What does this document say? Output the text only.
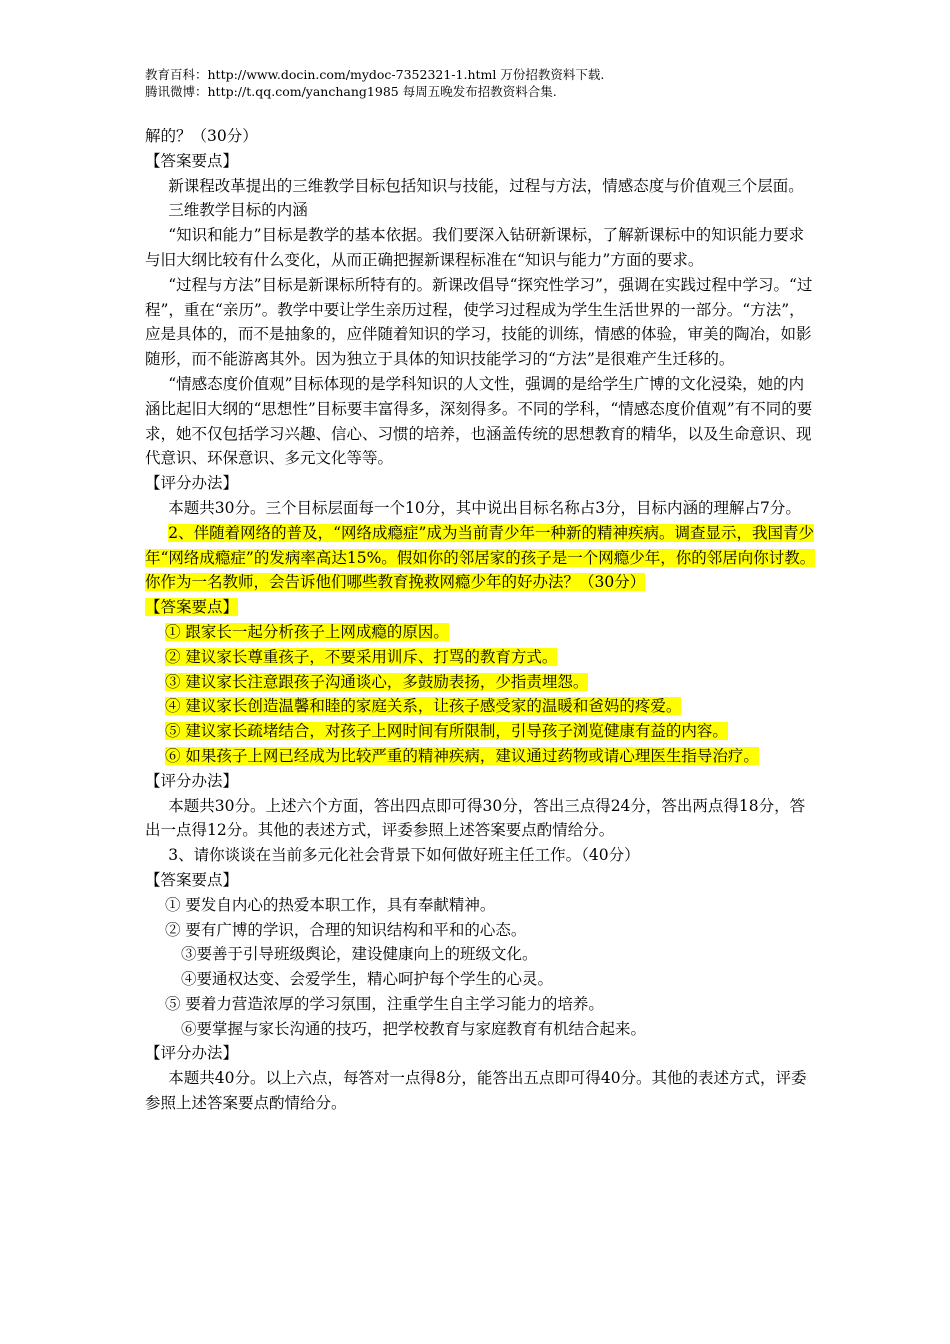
教育百科：http://www.docin.com/mydoc-7352321-1.html 万份招教资料下载.
腾讯微博：http://t.qq.com/yanchang1985 每周五晚发布招教资料合集.

解的？（30分）

【答案要点】

新课程改革提出的三维教学目标包括知识与技能，过程与方法，情感态度与价值观三个层面。

三维教学目标的内涵

“知识和能力”目标是教学的基本依据。我们要深入钻研新课标，了解新课标中的知识能力要求与旧大纲比较有什么变化，从而正确把握新课程标准在“知识与能力”方面的要求。

“过程与方法”目标是新课标所特有的。新课改倡导“探究性学习”，强调在实践过程中学习。“过程”，重在“亲历”。教学中要让学生亲历过程，使学习过程成为学生生活世界的一部分。“方法”，应是具体的，而不是抽象的，应伴随着知识的学习，技能的训练，情感的体验，审美的陶冶，如影随形，而不能游离其外。因为独立于具体的知识技能学习的“方法”是很难产生迁移的。

“情感态度价值观”目标体现的是学科知识的人文性，强调的是给学生广博的文化浸染，她的内涵比起旧大纲的“思想性”目标要丰富得多，深刻得多。不同的学科，“情感态度价值观”有不同的要求，她不仅包括学习兴趣、信心、习惯的培养，也涵盖传统的思想教育的精华，以及生命意识、现代意识、环保意识、多元文化等等。

【评分办法】

本题共30分。三个目标层面每一个10分，其中说出目标名称占3分，目标内涵的理解占7分。

2、伴随着网络的普及，“网络成瘾症”成为当前青少年一种新的精神疾病。调查显示，我国青少年“网络成瘾症”的发病率高达15%。假如你的邻居家的孩子是一个网瘾少年，你的邻居向你讨教。你作为一名教师，会告诉他们哪些教育挽救网瘾少年的好办法？（30分）

【答案要点】

① 跟家长一起分析孩子上网成瘾的原因。

② 建议家长尊重孩子，不要采用训斥、打骂的教育方式。

③ 建议家长注意跟孩子沟通谈心，多鼓励表扬，少指责埋怨。

④ 建议家长创造温馨和睦的家庭关系，让孩子感受家的温暖和爸妈的疼爱。

⑤ 建议家长疏堵结合，对孩子上网时间有所限制，引导孩子浏览健康有益的内容。

⑥ 如果孩子上网已经成为比较严重的精神疾病，建议通过药物或请心理医生指导治疗。

【评分办法】

本题共30分。上述六个方面，答出四点即可得30分，答出三点得24分，答出两点得18分，答出一点得12分。其他的表述方式，评委参照上述答案要点酌情给分。

3、请你谈谈在当前多元化社会背景下如何做好班主任工作。（40分）

【答案要点】

① 要发自内心的热爱本职工作，具有奉献精神。

② 要有广博的学识，合理的知识结构和平和的心态。

③要善于引导班级舆论，建设健康向上的班级文化。

④要通权达变、会爱学生，精心呵护每个学生的心灵。

⑤ 要着力营造浓厚的学习氛围，注重学生自主学习能力的培养。

⑥要掌握与家长沟通的技巧，把学校教育与家庭教育有机结合起来。

【评分办法】

本题共40分。以上六点，每答对一点得8分，能答出五点即可得40分。其他的表述方式，评委参照上述答案要点酌情给分。
